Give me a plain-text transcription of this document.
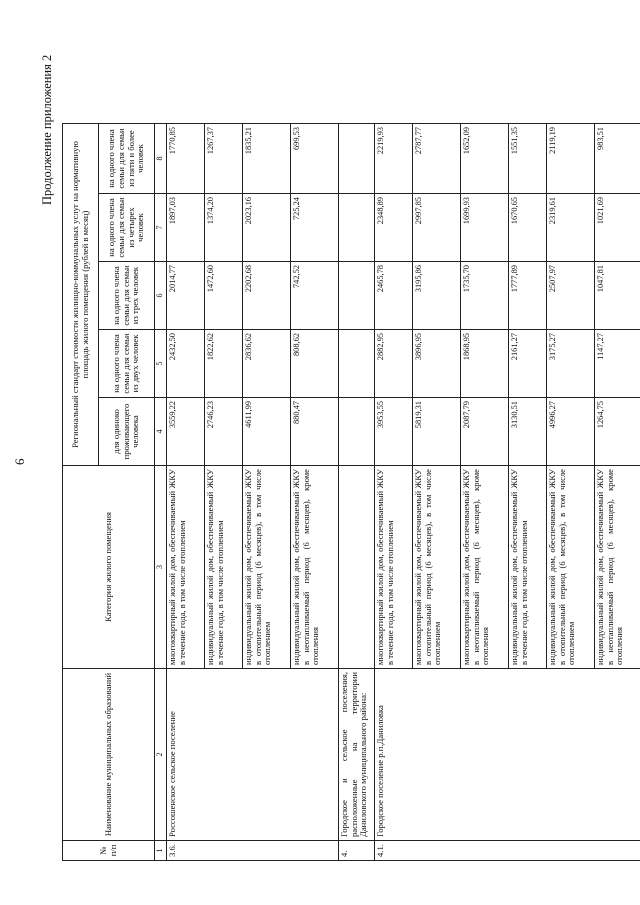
6
Продолжение приложения 2
№ п/п	Наименование муниципальных образований	Категория жилого помещения	Региональный стандарт стоимости жилищно-коммунальных услуг на нормативную площадь жилого помещения (рублей в месяц)				
			для одиноко проживающего человека	на одного члена семьи для семьи из двух человек	на одного члена семьи для семьи из трех человек	на одного члена семьи для семьи из четырех человек	на одного члена семьи для семьи из пяти и более человек
1	2	3	4	5	6	7	8
3.6.	Россошенское сельское поселение	многоквартирный жилой дом, обеспечиваемый ЖКУ в течение года, в том числе отоплением	3559,22	2432,50	2014,77	1897,03	1770,85
		индивидуальный жилой дом, обеспечиваемый ЖКУ в течение года, в том числе отоплением	2746,23	1822,62	1472,60	1374,20	1267,37
		индивидуальный жилой дом, обеспечиваемый ЖКУ в отопительный период (6 месяцев), в том числе отоплением	4611,99	2836,62	2202,68	2023,16	1835,21
		индивидуальный жилой дом, обеспечиваемый ЖКУ в неотапливаемый период (6 месяцев), кроме отопления	880,47	808,62	742,52	725,24	699,53
4.	Городское и сельское поселения, расположенные на территории Даниловского муниципального района:						
4.1.	Городское поселение р.п.Даниловка	многоквартирный жилой дом, обеспечиваемый ЖКУ в течение года, в том числе отоплением	3953,55	2882,95	2465,78	2348,89	2219,93
		многоквартирный жилой дом, обеспечиваемый ЖКУ в отопительный период (6 месяцев), в том числе отоплением	5819,31	3896,95	3195,86	2997,85	2787,77
		многоквартирный жилой дом, обеспечиваемый ЖКУ в неотапливаемый период (6 месяцев), кроме отопления	2087,79	1868,95	1735,70	1699,93	1652,09
		индивидуальный жилой дом, обеспечиваемый ЖКУ в течение года, в том числе отоплением	3130,51	2161,27	1777,89	1670,65	1551,35
		индивидуальный жилой дом, обеспечиваемый ЖКУ в отопительный период (6 месяцев), в том числе отоплением	4996,27	3175,27	2507,97	2319,61	2119,19
		индивидуальный жилой дом, обеспечиваемый ЖКУ в неотапливаемый период (6 месяцев), кроме отопления	1264,75	1147,27	1047,81	1021,69	983,51
